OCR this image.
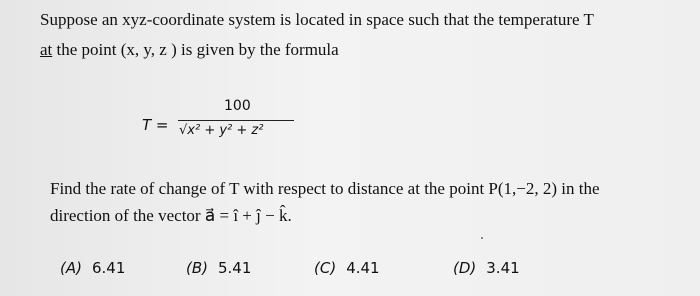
Suppose an xyz-coordinate system is located in space such that the temperature T
at the point (x, y, z ) is given by the formula
T =
100
√x² + y² + z²
Find the rate of change of T with respect to distance at the point P(1,−2, 2) in the
direction of the vector a⃗ = î + ĵ − k̂.
(A) 6.41	(B) 5.41	(C) 4.41	(D) 3.41
